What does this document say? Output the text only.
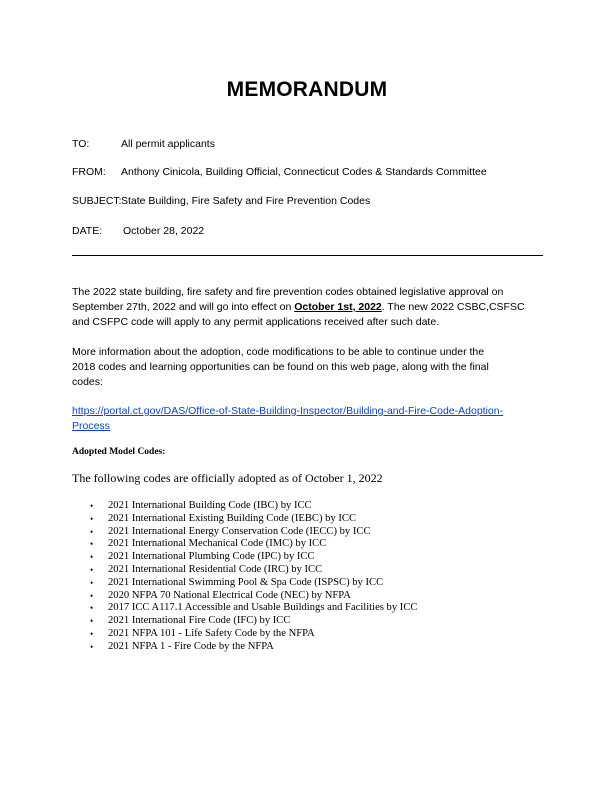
MEMORANDUM
TO:	All permit applicants
FROM: Anthony Cinicola, Building Official, Connecticut Codes & Standards Committee
SUBJECT: State Building, Fire Safety and Fire Prevention Codes
DATE: October 28, 2022
The 2022 state building, fire safety and fire prevention codes obtained legislative approval on
September 27th, 2022 and will go into effect on October 1st, 2022. The new 2022 CSBC,CSFSC
and CSFPC code will apply to any permit applications received after such date.
More information about the adoption, code modifications to be able to continue under the
2018 codes and learning opportunities can be found on this web page, along with the final
codes:
https://portal.ct.gov/DAS/Office-of-State-Building-Inspector/Building-and-Fire-Code-Adoption-
Process
Adopted Model Codes:
The following codes are officially adopted as of October 1, 2022
• 2021 International Building Code (IBC) by ICC
• 2021 International Existing Building Code (IEBC) by ICC
• 2021 International Energy Conservation Code (IECC) by ICC
• 2021 International Mechanical Code (IMC) by ICC
• 2021 International Plumbing Code (IPC) by ICC
• 2021 International Residential Code (IRC) by ICC
• 2021 International Swimming Pool & Spa Code (ISPSC) by ICC
• 2020 NFPA 70 National Electrical Code (NEC) by NFPA
• 2017 ICC A117.1 Accessible and Usable Buildings and Facilities by ICC
• 2021 International Fire Code (IFC) by ICC
• 2021 NFPA 101 - Life Safety Code by the NFPA
• 2021 NFPA 1 - Fire Code by the NFPA
